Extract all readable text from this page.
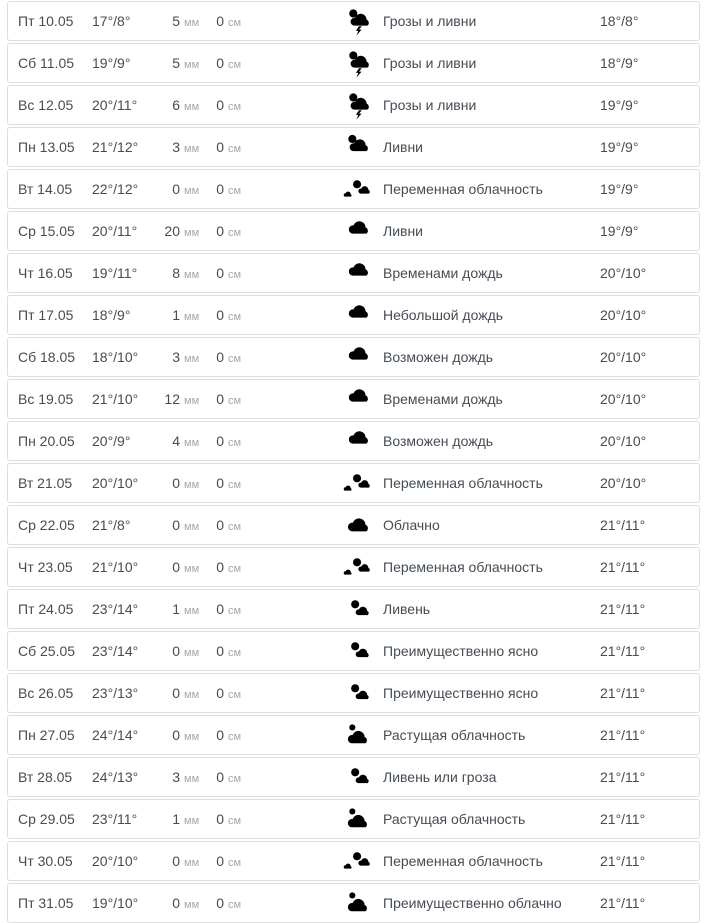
Пт 10.05	17°/8°	5 мм	0 см	Грозы и ливни	18°/8°
Сб 11.05	19°/9°	5 мм	0 см	Грозы и ливни	18°/9°
Вс 12.05	20°/11°	6 мм	0 см	Грозы и ливни	19°/9°
Пн 13.05	21°/12°	3 мм	0 см	Ливни	19°/9°
Вт 14.05	22°/12°	0 мм	0 см	Переменная облачность	19°/9°
Ср 15.05	20°/11°	20 мм	0 см	Ливни	19°/9°
Чт 16.05	19°/11°	8 мм	0 см	Временами дождь	20°/10°
Пт 17.05	18°/9°	1 мм	0 см	Небольшой дождь	20°/10°
Сб 18.05	18°/10°	3 мм	0 см	Возможен дождь	20°/10°
Вс 19.05	21°/10°	12 мм	0 см	Временами дождь	20°/10°
Пн 20.05	20°/9°	4 мм	0 см	Возможен дождь	20°/10°
Вт 21.05	20°/10°	0 мм	0 см	Переменная облачность	20°/10°
Ср 22.05	21°/8°	0 мм	0 см	Облачно	21°/11°
Чт 23.05	21°/10°	0 мм	0 см	Переменная облачность	21°/11°
Пт 24.05	23°/14°	1 мм	0 см	Ливень	21°/11°
Сб 25.05	23°/14°	0 мм	0 см	Преимущественно ясно	21°/11°
Вс 26.05	23°/13°	0 мм	0 см	Преимущественно ясно	21°/11°
Пн 27.05	24°/14°	0 мм	0 см	Растущая облачность	21°/11°
Вт 28.05	24°/13°	3 мм	0 см	Ливень или гроза	21°/11°
Ср 29.05	23°/11°	1 мм	0 см	Растущая облачность	21°/11°
Чт 30.05	20°/10°	0 мм	0 см	Переменная облачность	21°/11°
Пт 31.05	19°/10°	0 мм	0 см	Преимущественно облачно	21°/11°
